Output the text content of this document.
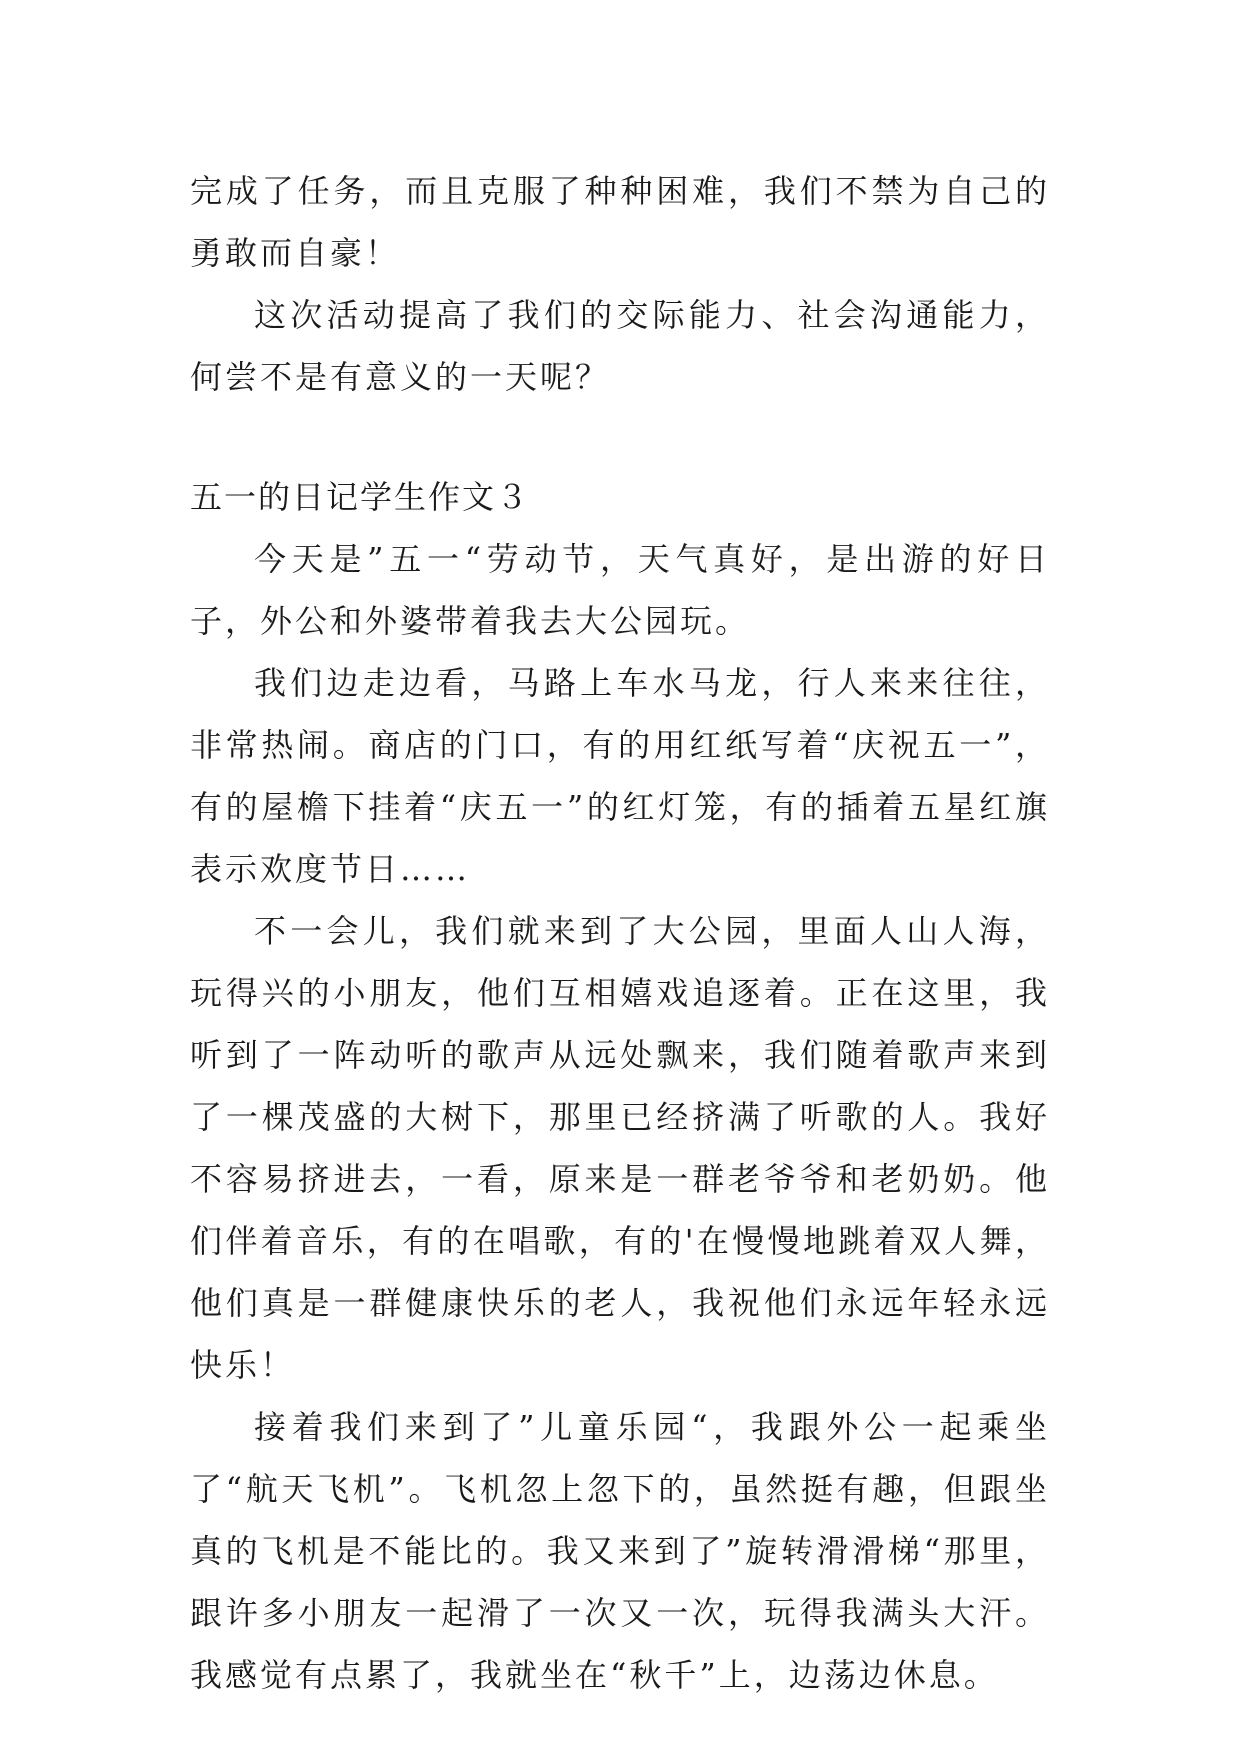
完成了任务，而且克服了种种困难，我们不禁为自己的勇敢而自豪！

这次活动提高了我们的交际能力、社会沟通能力，何尝不是有意义的一天呢？

五一的日记学生作文３

今天是”五一“劳动节，天气真好，是出游的好日子，外公和外婆带着我去大公园玩。

我们边走边看，马路上车水马龙，行人来来往往，非常热闹。商店的门口，有的用红纸写着“庆祝五一”，有的屋檐下挂着“庆五一”的红灯笼，有的插着五星红旗表示欢度节日……

不一会儿，我们就来到了大公园，里面人山人海，玩得兴的小朋友，他们互相嬉戏追逐着。正在这里，我听到了一阵动听的歌声从远处飘来，我们随着歌声来到了一棵茂盛的大树下，那里已经挤满了听歌的人。我好不容易挤进去，一看，原来是一群老爷爷和老奶奶。他们伴着音乐，有的在唱歌，有的'在慢慢地跳着双人舞，他们真是一群健康快乐的老人，我祝他们永远年轻永远快乐！

接着我们来到了”儿童乐园“，我跟外公一起乘坐了“航天飞机”。飞机忽上忽下的，虽然挺有趣，但跟坐真的飞机是不能比的。我又来到了”旋转滑滑梯“那里，跟许多小朋友一起滑了一次又一次，玩得我满头大汗。我感觉有点累了，我就坐在“秋千”上，边荡边休息。
